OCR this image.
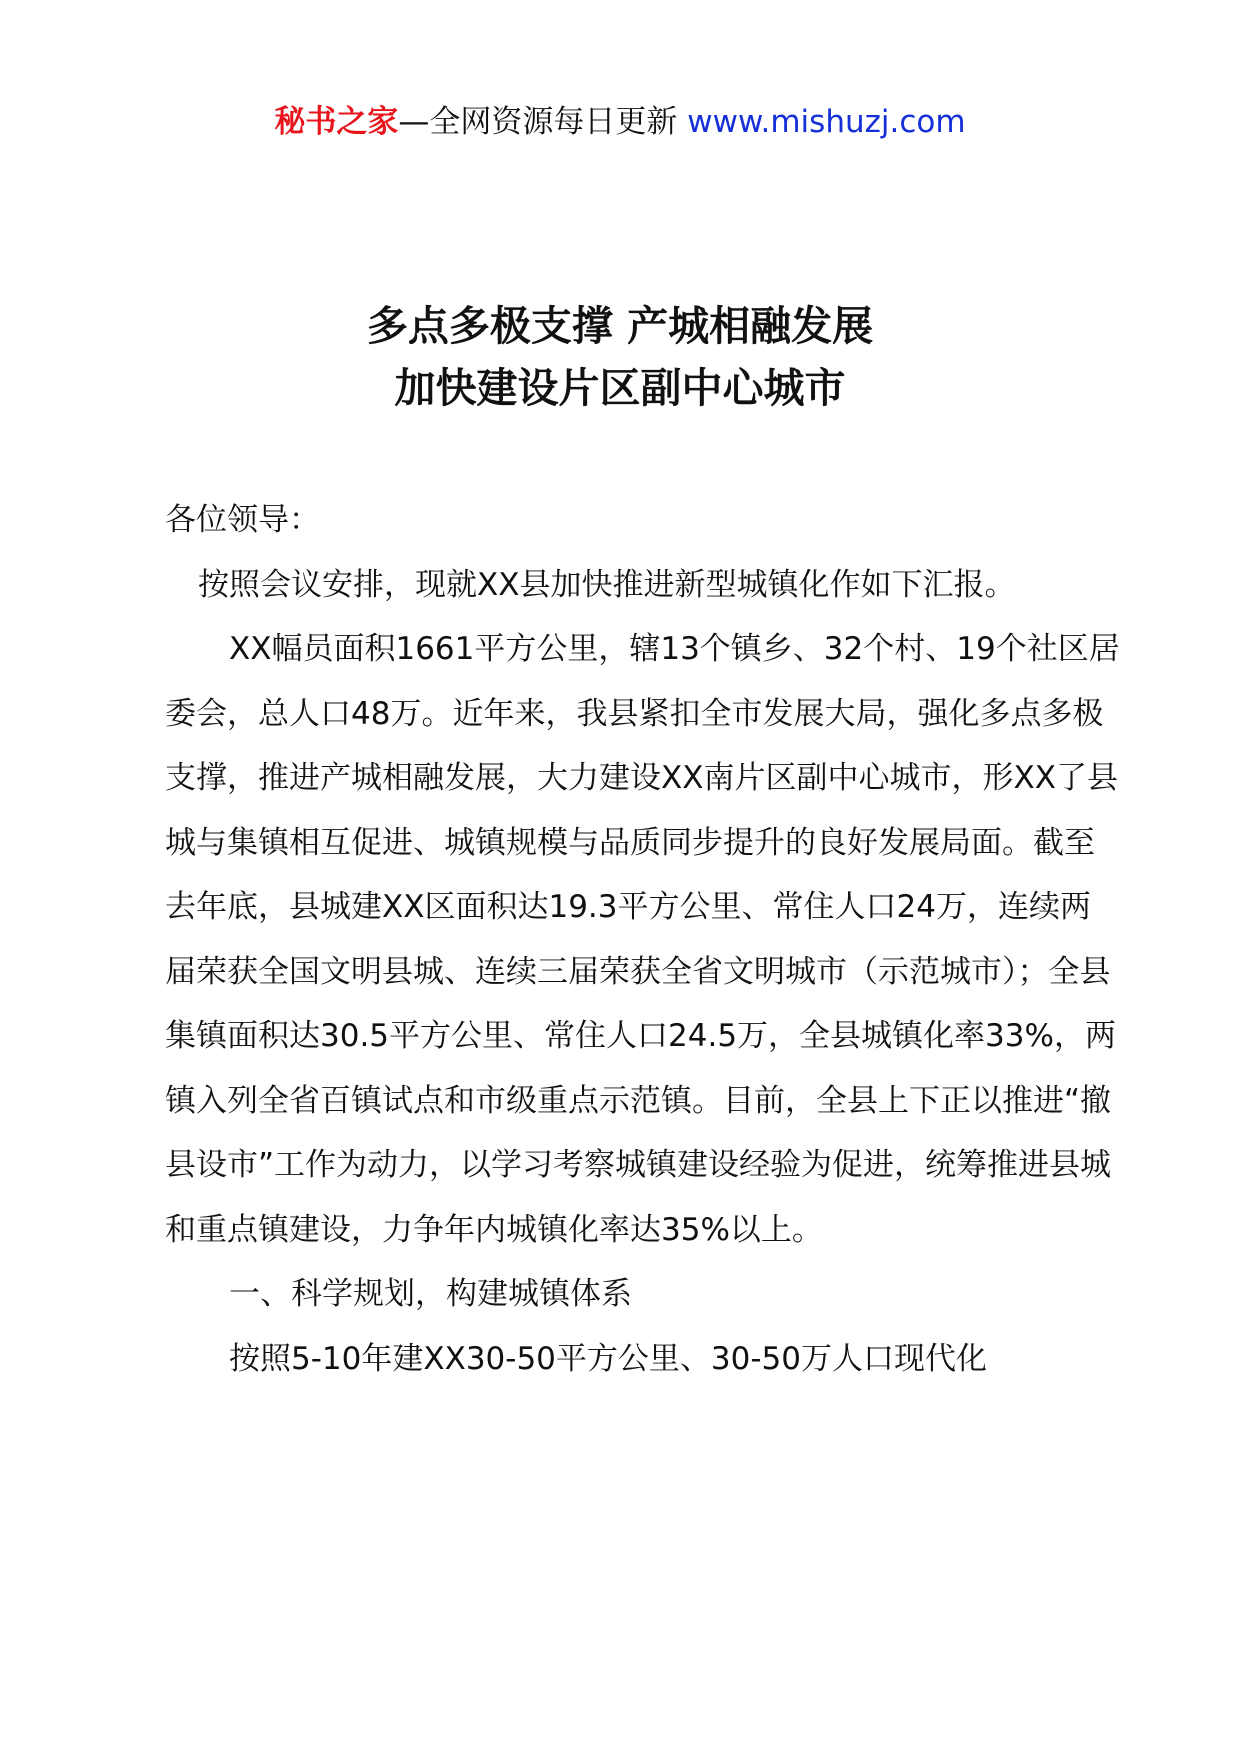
秘书之家—全网资源每日更新 www.mishuzj.com
多点多极支撑 产城相融发展
加快建设片区副中心城市

各位领导：

按照会议安排，现就XX县加快推进新型城镇化作如下汇报。

XX幅员面积1661平方公里，辖13个镇乡、32个村、19个社区居委会，总人口48万。近年来，我县紧扣全市发展大局，强化多点多极支撑，推进产城相融发展，大力建设XX南片区副中心城市，形XX了县城与集镇相互促进、城镇规模与品质同步提升的良好发展局面。截至去年底，县城建XX区面积达19.3平方公里、常住人口24万，连续两届荣获全国文明县城、连续三届荣获全省文明城市（示范城市）；全县集镇面积达30.5平方公里、常住人口24.5万，全县城镇化率33%，两镇入列全省百镇试点和市级重点示范镇。目前，全县上下正以推进“撤县设市”工作为动力，以学习考察城镇建设经验为促进，统筹推进县城和重点镇建设，力争年内城镇化率达35%以上。

一、科学规划，构建城镇体系

按照5-10年建XX30-50平方公里、30-50万人口现代化
